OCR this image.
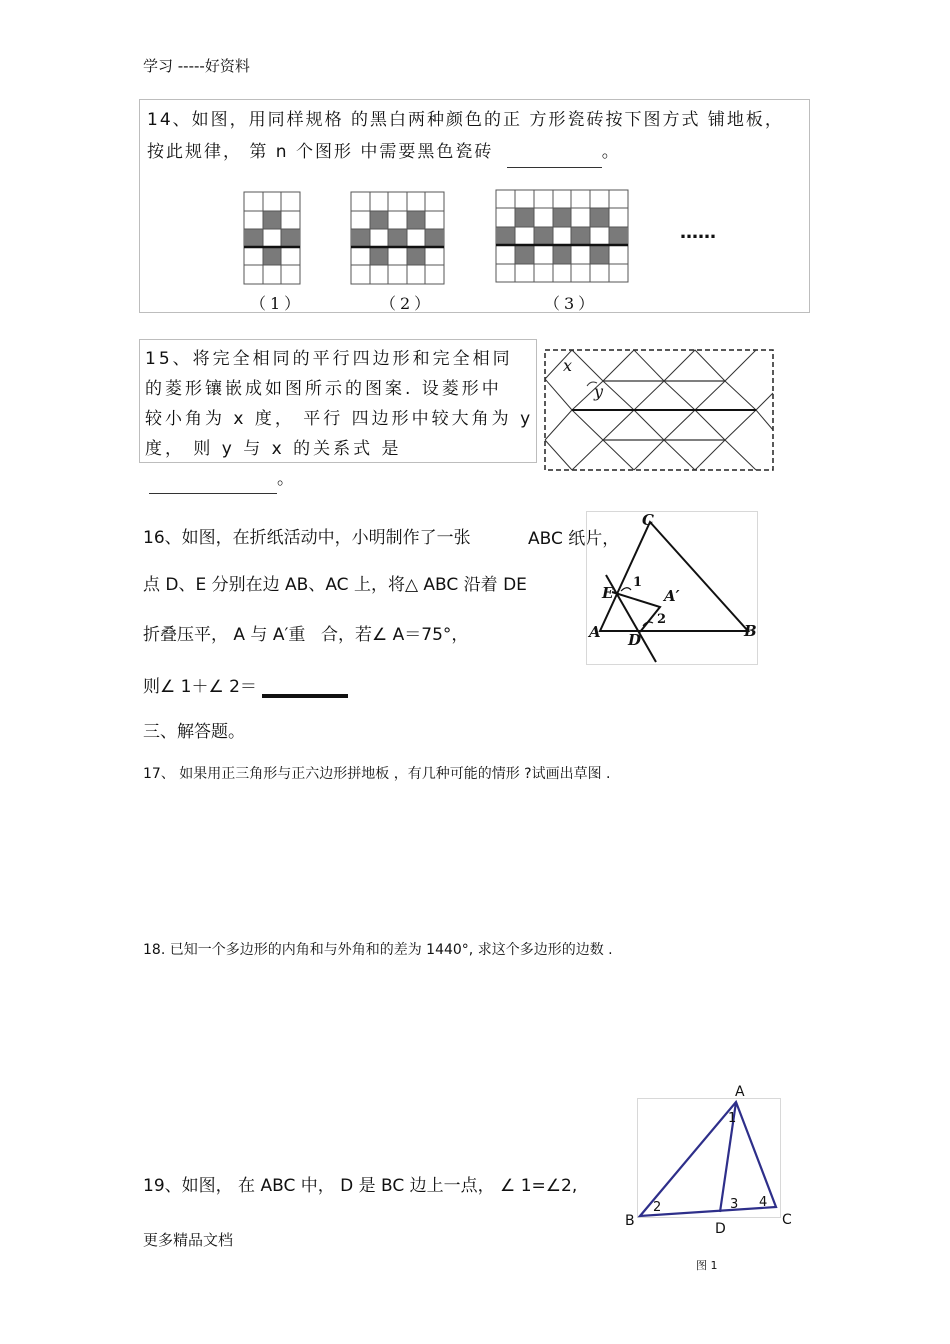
学习 -----好资料
14、如图，用同样规格 的黑白两种颜色的正 方形瓷砖按下图方式 铺地板，
按此规律， 第 n 个图形 中需要黑色瓷砖	。
（1）	（2）	（3）
……
15、将完全相同的平行四边形和完全相同
的菱形镶嵌成如图所示的图案. 设菱形中
较小角为 x 度， 平行 四边形中较大角为 y
度， 则 y 与 x 的关系式 是 。
x
y
16、如图，在折纸活动中，小明制作了一张	ABC 纸片，
点 D、E 分别在边 AB、AC 上，将△ ABC 沿着 DE
折叠压平， A 与 A′重 合，若∠ A＝75°，
则∠ 1＋∠ 2＝
C
E
1
A′
2
A D	B
三、解答题。
17、 如果用正三角形与正六边形拼地板 ，有几种可能的情形 ?试画出草图 .
18. 已知一个多边形的内角和与外角和的差为 1440°, 求这个多边形的边数 .
19、如图， 在 ABC 中， D 是 BC 边上一点， ∠ 1=∠2,
A
1
2	3 4
B	D
C
图 1
更多精品文档
